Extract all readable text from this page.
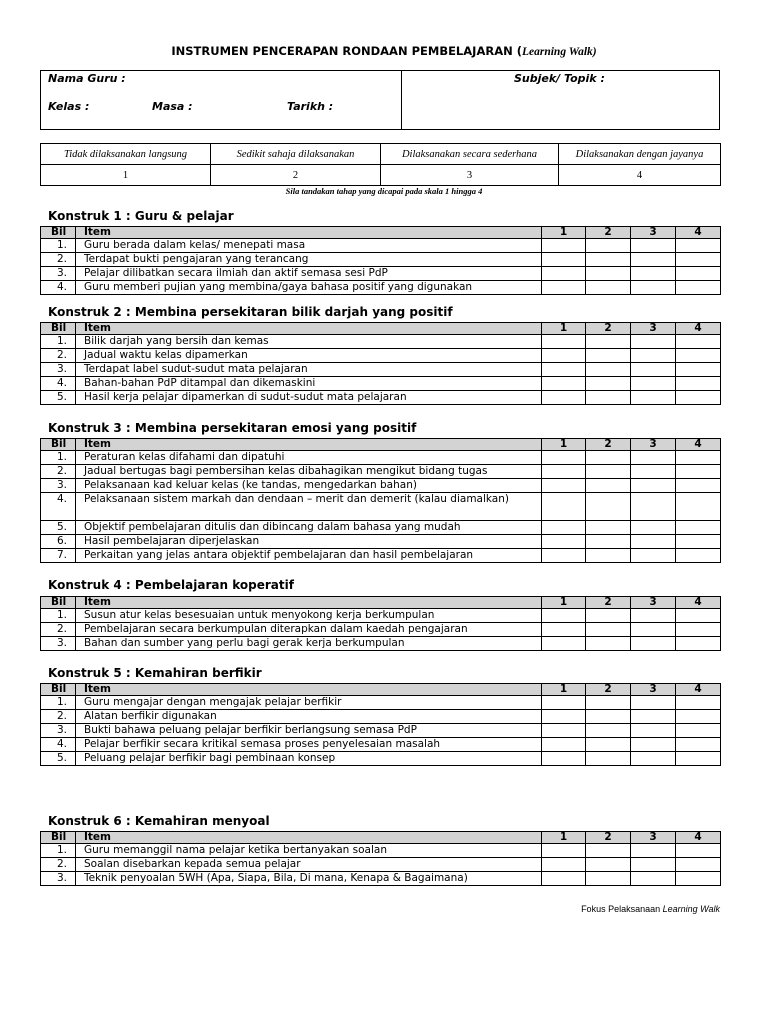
INSTRUMEN PENCERAPAN RONDAAN PEMBELAJARAN (Learning Walk)
Nama Guru :	Subjek/ Topik :
Kelas :	Masa :	Tarikh :
Tidak dilaksanakan langsung	Sedikit sahaja dilaksanakan	Dilaksanakan secara sederhana	Dilaksanakan dengan jayanya
1	2	3	4
Sila tandakan tahap yang dicapai pada skala 1 hingga 4
Konstruk 1 : Guru & pelajar
Bil	Item	1	2	3	4
1.	Guru berada dalam kelas/ menepati masa				
2.	Terdapat bukti pengajaran yang terancang				
3.	Pelajar dilibatkan secara ilmiah dan aktif semasa sesi PdP				
4.	Guru memberi pujian yang membina/gaya bahasa positif yang digunakan				
Konstruk 2 : Membina persekitaran bilik darjah yang positif
Bil	Item	1	2	3	4
1.	Bilik darjah yang bersih dan kemas				
2.	Jadual waktu kelas dipamerkan				
3.	Terdapat label sudut-sudut mata pelajaran				
4.	Bahan-bahan PdP ditampal dan dikemaskini				
5.	Hasil kerja pelajar dipamerkan di sudut-sudut mata pelajaran				
Konstruk 3 : Membina persekitaran emosi yang positif
Bil	Item	1	2	3	4
1.	Peraturan kelas difahami dan dipatuhi				
2.	Jadual bertugas bagi pembersihan kelas dibahagikan mengikut bidang tugas				
3.	Pelaksanaan kad keluar kelas (ke tandas, mengedarkan bahan)				
4.	Pelaksanaan sistem markah dan dendaan – merit dan demerit (kalau diamalkan)				
5.	Objektif pembelajaran ditulis dan dibincang dalam bahasa yang mudah				
6.	Hasil pembelajaran diperjelaskan				
7.	Perkaitan yang jelas antara objektif pembelajaran dan hasil pembelajaran				
Konstruk 4 : Pembelajaran koperatif
Bil	Item	1	2	3	4
1.	Susun atur kelas besesuaian untuk menyokong kerja berkumpulan				
2.	Pembelajaran secara berkumpulan diterapkan dalam kaedah pengajaran				
3.	Bahan dan sumber yang perlu bagi gerak kerja berkumpulan				
Konstruk 5 : Kemahiran berfikir
Bil	Item	1	2	3	4
1.	Guru mengajar dengan mengajak pelajar berfikir				
2.	Alatan berfikir digunakan				
3.	Bukti bahawa peluang pelajar berfikir berlangsung semasa PdP				
4.	Pelajar berfikir secara kritikal semasa proses penyelesaian masalah				
5.	Peluang pelajar berfikir bagi pembinaan konsep				
Konstruk 6 : Kemahiran menyoal
Bil	Item	1	2	3	4
1.	Guru memanggil nama pelajar ketika bertanyakan soalan				
2.	Soalan disebarkan kepada semua pelajar				
3.	Teknik penyoalan 5WH (Apa, Siapa, Bila, Di mana, Kenapa & Bagaimana)				
Fokus Pelaksanaan Learning Walk
